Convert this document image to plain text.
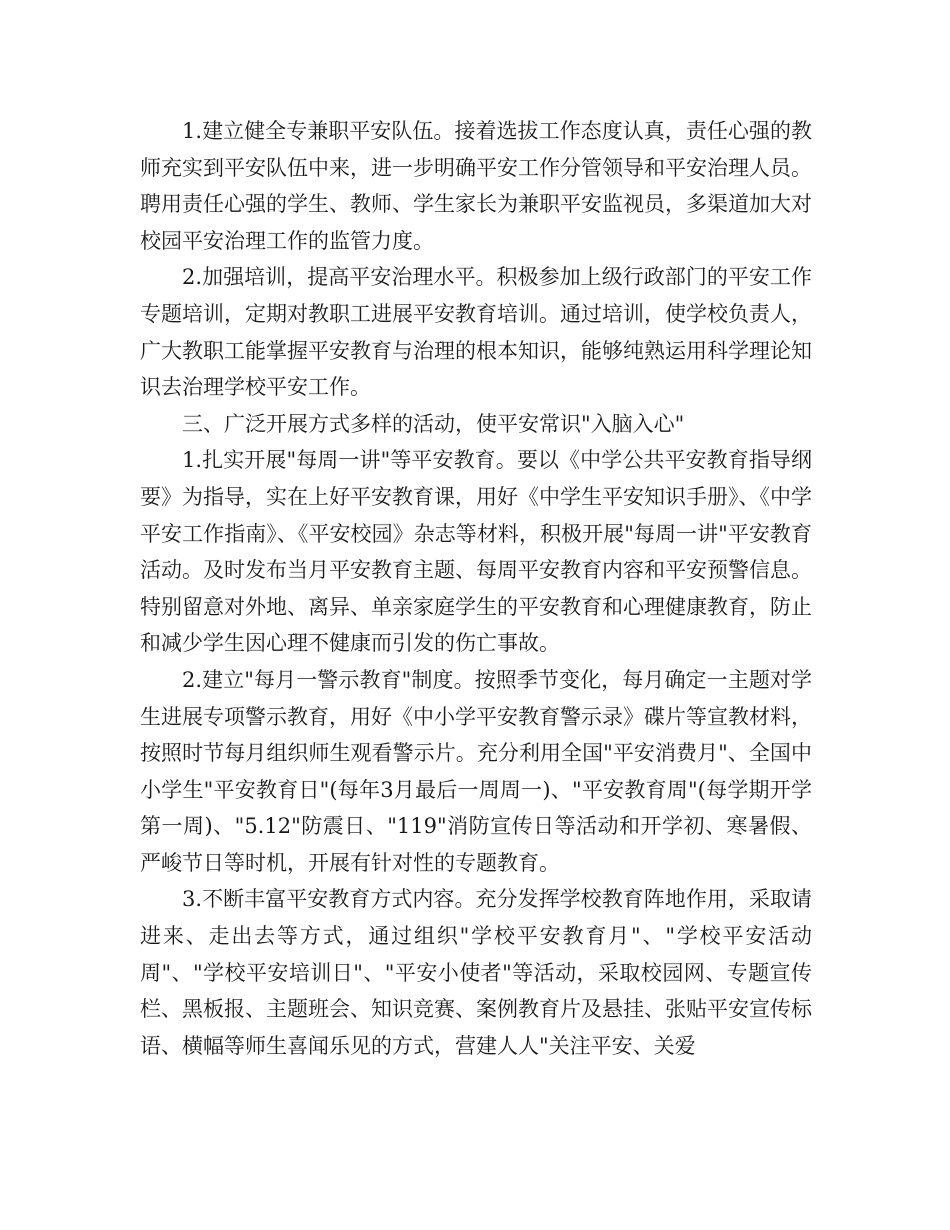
1.建立健全专兼职平安队伍。接着选拔工作态度认真，责任心强的教师充实到平安队伍中来，进一步明确平安工作分管领导和平安治理人员。聘用责任心强的学生、教师、学生家长为兼职平安监视员，多渠道加大对校园平安治理工作的监管力度。

2.加强培训，提高平安治理水平。积极参加上级行政部门的平安工作专题培训，定期对教职工进展平安教育培训。通过培训，使学校负责人，广大教职工能掌握平安教育与治理的根本知识，能够纯熟运用科学理论知识去治理学校平安工作。

三、广泛开展方式多样的活动，使平安常识"入脑入心"

1.扎实开展"每周一讲"等平安教育。要以《中学公共平安教育指导纲要》为指导，实在上好平安教育课，用好《中学生平安知识手册》、《中学平安工作指南》、《平安校园》杂志等材料，积极开展"每周一讲"平安教育活动。及时发布当月平安教育主题、每周平安教育内容和平安预警信息。特别留意对外地、离异、单亲家庭学生的平安教育和心理健康教育，防止和减少学生因心理不健康而引发的伤亡事故。

2.建立"每月一警示教育"制度。按照季节变化，每月确定一主题对学生进展专项警示教育，用好《中小学平安教育警示录》碟片等宣教材料，按照时节每月组织师生观看警示片。充分利用全国"平安消费月"、全国中小学生"平安教育日"(每年3月最后一周周一)、"平安教育周"(每学期开学第一周)、"5.12"防震日、"119"消防宣传日等活动和开学初、寒暑假、严峻节日等时机，开展有针对性的专题教育。

3.不断丰富平安教育方式内容。充分发挥学校教育阵地作用，采取请进来、走出去等方式，通过组织"学校平安教育月"、"学校平安活动周"、"学校平安培训日"、"平安小使者"等活动，采取校园网、专题宣传栏、黑板报、主题班会、知识竞赛、案例教育片及悬挂、张贴平安宣传标语、横幅等师生喜闻乐见的方式，营建人人"关注平安、关爱
